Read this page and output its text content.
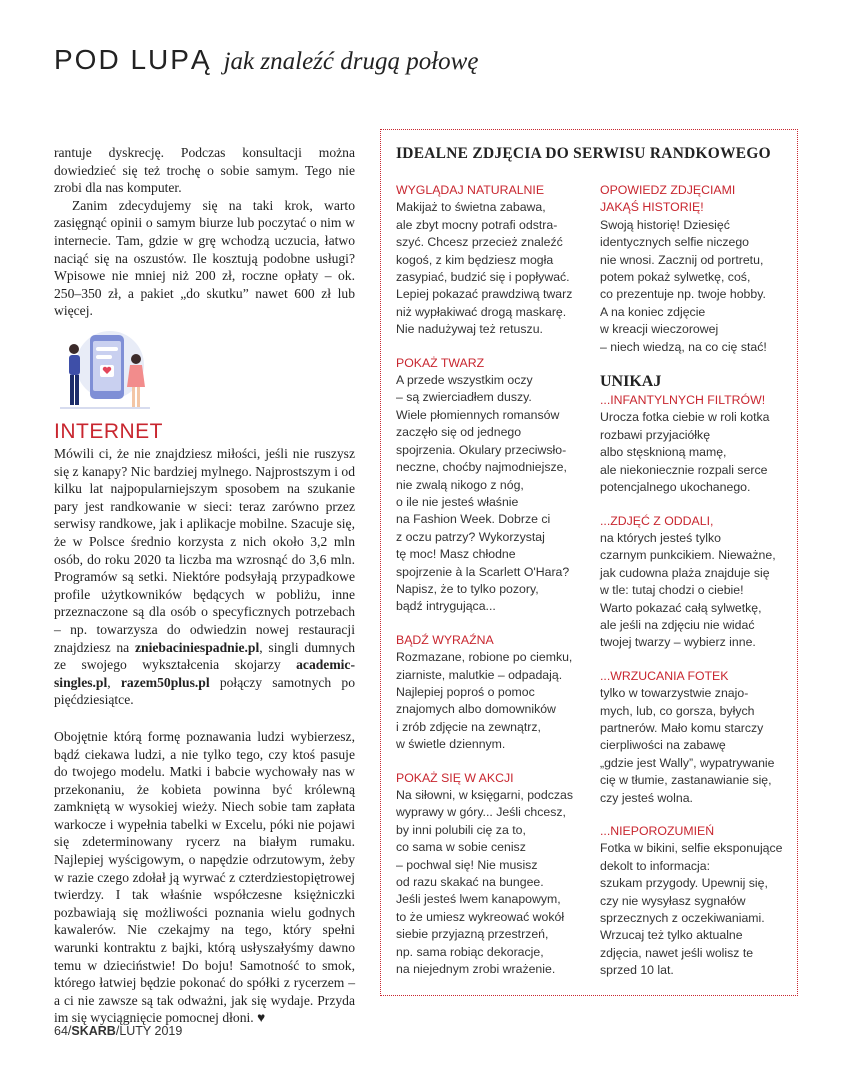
POD LUPĄ jak znaleźć drugą połowę

rantuje dyskrecję. Podczas konsultacji można dowiedzieć się też trochę o sobie samym. Tego nie zrobi dla nas komputer.

Zanim zdecydujemy się na taki krok, warto zasięgnąć opinii o samym biurze lub poczytać o nim w internecie. Tam, gdzie w grę wchodzą uczucia, łatwo naciąć się na oszustów. Ile kosztują podobne usługi? Wpisowe nie mniej niż 200 zł, roczne opłaty – ok. 250–350 zł, a pakiet „do skutku” nawet 600 zł lub więcej.

INTERNET

Mówili ci, że nie znajdziesz miłości, jeśli nie ruszysz się z kanapy? Nic bardziej mylnego. Najprostszym i od kilku lat najpopularniejszym sposobem na szukanie pary jest randkowanie w sieci: teraz zarówno przez serwisy randkowe, jak i aplikacje mobilne. Szacuje się, że w Polsce średnio korzysta z nich około 3,2 mln osób, do roku 2020 ta liczba ma wzrosnąć do 3,6 mln. Programów są setki. Niektóre podsyłają przypadkowe profile użytkowników będących w pobliżu, inne przeznaczone są dla osób o specyficznych potrzebach – np. towarzysza do odwiedzin nowej restauracji znajdziesz na zniebaciniespadnie.pl, singli dumnych ze swojego wykształcenia skojarzy academic-singles.pl, razem50plus.pl połączy samotnych po pięćdziesiątce.

Obojętnie którą formę poznawania ludzi wybierzesz, bądź ciekawa ludzi, a nie tylko tego, czy ktoś pasuje do twojego modelu. Matki i babcie wychowały nas w przekonaniu, że kobieta powinna być królewną zamkniętą w wysokiej wieży. Niech sobie tam zapłata warkocze i wypełnia tabelki w Excelu, póki nie pojawi się zdeterminowany rycerz na białym rumaku. Najlepiej wyścigowym, o napędzie odrzutowym, żeby w razie czego zdołał ją wyrwać z czterdziestopiętrowej twierdzy. I tak właśnie współczesne księżniczki pozbawiają się możliwości poznania wielu godnych kawalerów. Nie czekajmy na tego, który spełni warunki kontraktu z bajki, którą usłyszałyśmy dawno temu w dzieciństwie! Do boju! Samotność to smok, którego łatwiej będzie pokonać do spółki z rycerzem – a ci nie zawsze są tak odważni, jak się wydaje. Przyda im się wyciągnięcie pomocnej dłoni. ♥

IDEALNE ZDJĘCIA DO SERWISU RANDKOWEGO

WYGLĄDAJ NATURALNIE

Makijaż to świetna zabawa,

ale zbyt mocny potrafi odstra-

szyć. Chcesz przecież znaleźć

kogoś, z kim będziesz mogła

zasypiać, budzić się i popływać.

Lepiej pokazać prawdziwą twarz

niż wypłakiwać drogą maskarę.

Nie nadużywaj też retuszu.

POKAŻ TWARZ

A przede wszystkim oczy

– są zwierciadłem duszy.

Wiele płomiennych romansów

zaczęło się od jednego

spojrzenia. Okulary przeciwsło-

neczne, choćby najmodniejsze,

nie zwalą nikogo z nóg,

o ile nie jesteś właśnie

na Fashion Week. Dobrze ci

z oczu patrzy? Wykorzystaj

tę moc! Masz chłodne

spojrzenie à la Scarlett O'Hara?

Napisz, że to tylko pozory,

bądź intrygująca...

BĄDŹ WYRAŹNA

Rozmazane, robione po ciemku,

ziarniste, malutkie – odpadają.

Najlepiej poproś o pomoc

znajomych albo domowników

i zrób zdjęcie na zewnątrz,

w świetle dziennym.

POKAŻ SIĘ W AKCJI

Na siłowni, w księgarni, podczas

wyprawy w góry... Jeśli chcesz,

by inni polubili cię za to,

co sama w sobie cenisz

– pochwal się! Nie musisz

od razu skakać na bungee.

Jeśli jesteś lwem kanapowym,

to że umiesz wykreować wokół

siebie przyjazną przestrzeń,

np. sama robiąc dekoracje,

na niejednym zrobi wrażenie.

OPOWIEDZ ZDJĘCIAMI

JAKĄŚ HISTORIĘ!

Swoją historię! Dziesięć

identycznych selfie niczego

nie wnosi. Zacznij od portretu,

potem pokaż sylwetkę, coś,

co prezentuje np. twoje hobby.

A na koniec zdjęcie

w kreacji wieczorowej

– niech wiedzą, na co cię stać!

UNIKAJ

...INFANTYLNYCH FILTRÓW!

Urocza fotka ciebie w roli kotka

rozbawi przyjaciółkę

albo stęsknioną mamę,

ale niekoniecznie rozpali serce

potencjalnego ukochanego.

...ZDJĘĆ Z ODDALI,

na których jesteś tylko

czarnym punkcikiem. Nieważne,

jak cudowna plaża znajduje się

w tle: tutaj chodzi o ciebie!

Warto pokazać całą sylwetkę,

ale jeśli na zdjęciu nie widać

twojej twarzy – wybierz inne.

...WRZUCANIA FOTEK

tylko w towarzystwie znajo-

mych, lub, co gorsza, byłych

partnerów. Mało komu starczy

cierpliwości na zabawę

„gdzie jest Wally”, wypatrywanie

cię w tłumie, zastanawianie się,

czy jesteś wolna.

...NIEPOROZUMIEŃ

Fotka w bikini, selfie eksponujące

dekolt to informacja:

szukam przygody. Upewnij się,

czy nie wysyłasz sygnałów

sprzecznych z oczekiwaniami.

Wrzucaj też tylko aktualne

zdjęcia, nawet jeśli wolisz te

sprzed 10 lat.

64/SKARB/LUTY 2019
